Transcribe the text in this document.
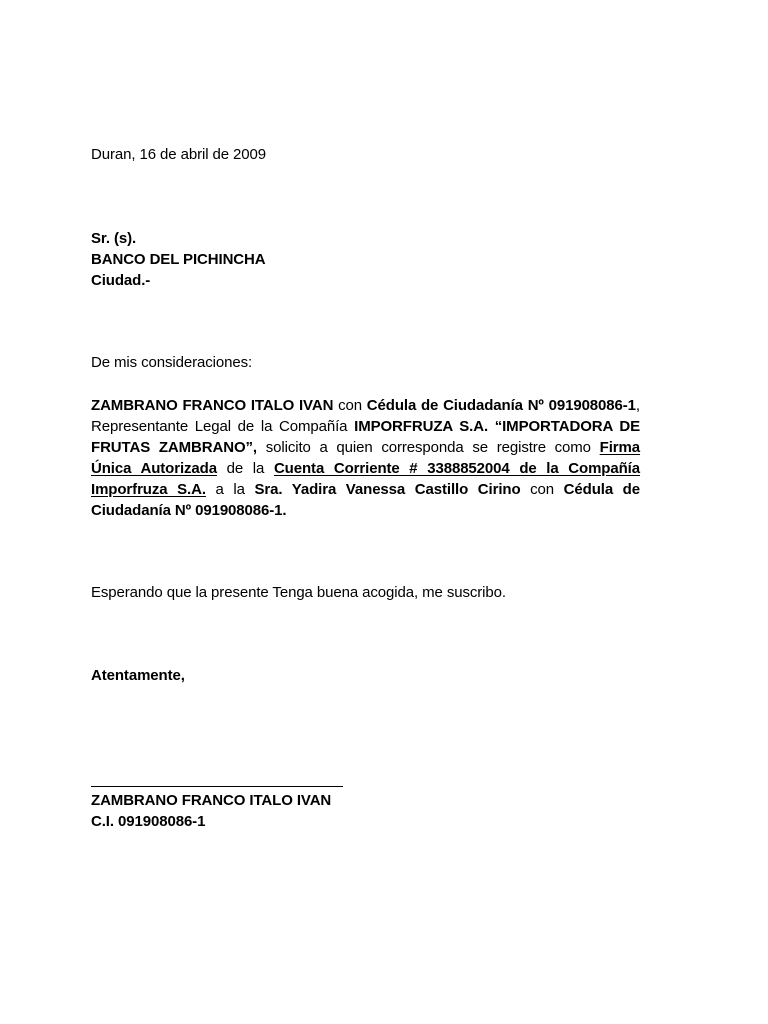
Duran, 16 de abril de 2009
Sr. (s).
BANCO DEL PICHINCHA
Ciudad.-
De mis consideraciones:
ZAMBRANO FRANCO ITALO IVAN con Cédula de Ciudadanía Nº 091908086-1, Representante Legal de la Compañía IMPORFRUZA S.A. “IMPORTADORA DE FRUTAS ZAMBRANO”, solicito a quien corresponda se registre como Firma Única Autorizada de la Cuenta Corriente # 3388852004 de la Compañía Imporfruza S.A. a la Sra. Yadira Vanessa Castillo Cirino con Cédula de Ciudadanía Nº 091908086-1.
Esperando que la presente Tenga buena acogida, me suscribo.
Atentamente,
ZAMBRANO FRANCO ITALO IVAN
C.I. 091908086-1
